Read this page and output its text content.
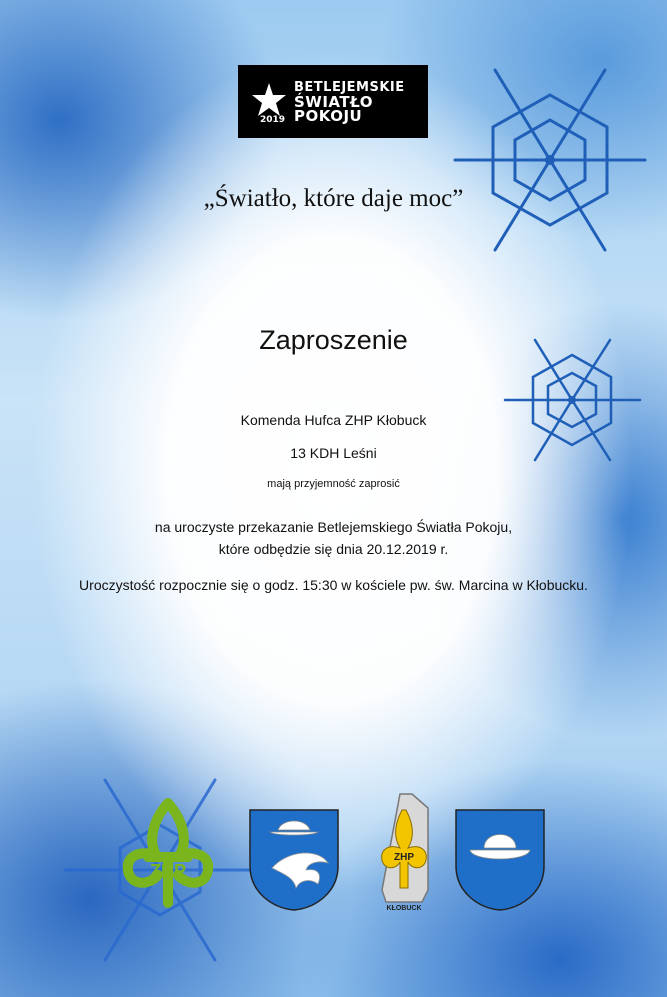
BETLEJEMSKIE
ŚWIATŁO
POKOJU
2019
„Światło, które daje moc”
Zaproszenie
Komenda Hufca ZHP Kłobuck
13 KDH Leśni
mają przyjemność zaprosić
na uroczyste przekazanie Betlejemskiego Światła Pokoju,
które odbędzie się dnia 20.12.2019 r.
Uroczystość rozpocznie się o godz. 15:30 w kościele pw. św. Marcina w Kłobucku.
ZHP
ZHP
KŁOBUCK
